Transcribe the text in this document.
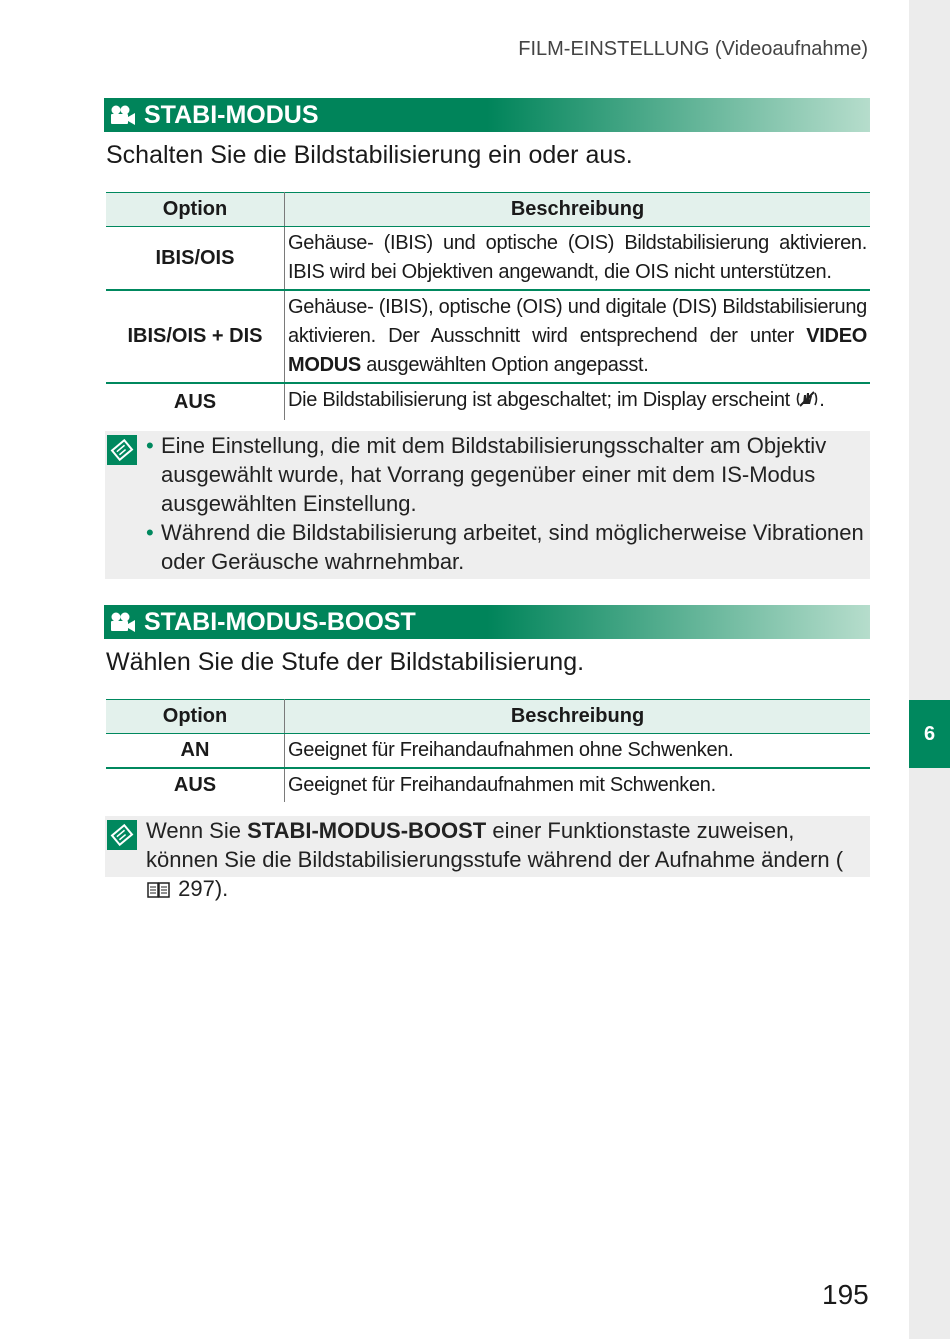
6
FILM-EINSTELLUNG (Videoaufnahme)
STABI-MODUS
Schalten Sie die Bildstabilisierung ein oder aus.
Option	Beschreibung
IBIS/OIS	Gehäuse- (IBIS) und optische (OIS) Bildstabilisierung aktivieren. IBIS wird bei Objektiven angewandt, die OIS nicht unterstützen.
IBIS/OIS + DIS	Gehäuse- (IBIS), optische (OIS) und digitale (DIS) Bildstabilisierung aktivieren. Der Ausschnitt wird entsprechend der unter VIDEO MODUS ausgewählten Option angepasst.
AUS	Die Bildstabilisierung ist abgeschaltet; im Display erscheint .
• Eine Einstellung, die mit dem Bildstabilisierungsschalter am Objektiv ausgewählt wurde, hat Vorrang gegenüber einer mit dem IS-Modus ausgewählten Einstellung.
• Während die Bildstabilisierung arbeitet, sind möglicherweise Vibrationen oder Geräusche wahrnehmbar.
STABI-MODUS-BOOST
Wählen Sie die Stufe der Bildstabilisierung.
Option	Beschreibung
AN	Geeignet für Freihandaufnahmen ohne Schwenken.
AUS	Geeignet für Freihandaufnahmen mit Schwenken.
Wenn Sie STABI-MODUS-BOOST einer Funktionstaste zuweisen, können Sie die Bildstabilisierungsstufe während der Aufnahme ändern ( 297).
195
